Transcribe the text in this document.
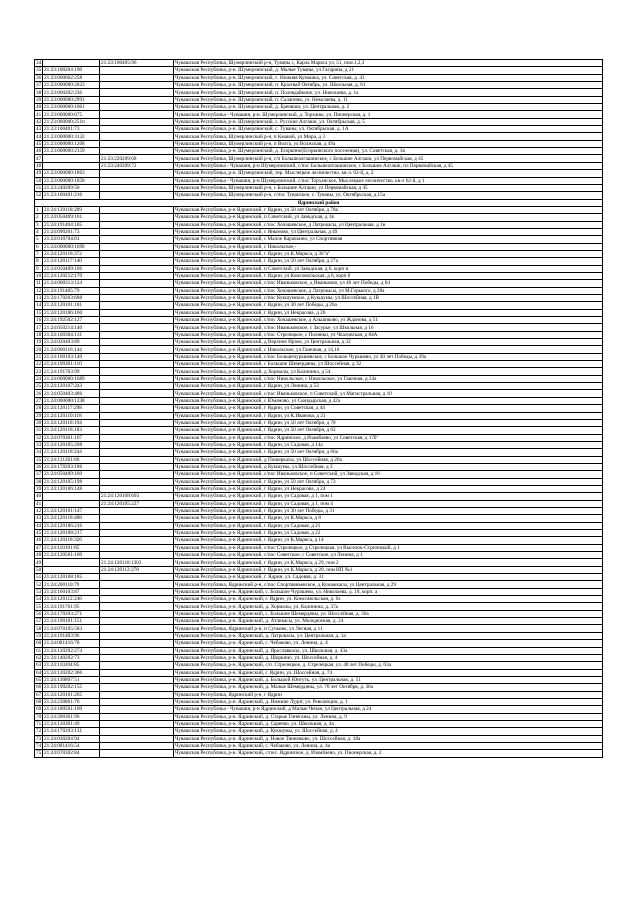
34		21:23:100405:96	Чувашская Республика, Шумерлинский р-н, Туваны с, Карла Маркса ул, 51, пом.1,2,3
35	21:23:100204:190		Чувашская Республика, р-н. Шумерлинский, д. Малые Туваны, ул Гагарина, д 21
36	21:23:060602:258		Чувашская Республика, р-н. Шумерлинский, с. Нижняя Кумашка, ул. Советская, д. 41
37	21:23:000000:2823		Чувашская Республика, р-н. Шумерлинский, п. Красный Октябрь, ул. Школьная, д. 61
38	21:23:060202:236		Чувашская Республика, р-н. Шумерлинский, п. Полевдайкино, ул. Николаева, д. 1а
39	21:23:000000:2991		Чувашская Республика, р-н. Шумерлинский, п. Саланчик, ул. Николаева, д. 11
40	21:23:000000:1061		Чувашская Республика, р-н. Шумерлинский, д. Бреняши, ул. Центральная, д. 2
41	21:23:000000:675		Чувашская Республика - Чувашия, р-н. Шумерлинский, д. Торханы, ул. Пионерская, д. 1
42	21:23:000000:251п		Чувашская Республика, р-н. Шумерлинский, с. Русские Алгаши, ул. Октябрьская, д. 5
43	21:23:100401:73		Чувашская Республика, р-н. Шумерлинский, с. Туваны, ул. Октябрьская, д. 1А
44	21:23:000000:3132		Чувашская Республика, Шумерлинский р-н, п Кманай, ул Мира, д 3
45	21:23:000000:1208		Чувашская Республика, Шумерлинский р-н, п Волга, ул Волжская, д 49а
46	21:23:000000:2159		Чувашская Республика, р-н. Шумерлинский, д. Егоркино(Егоркинского поселения), ул. Советская, д. 1в
47		21:23:220209:68	Чувашская Республика, Шумерлинский р-н, с/п Большеалгашинское, с Большие Алгаши, ул Первомайская, д 45
48		21:23:240209:72	Чувашская Республика - Чувашия, р-н Шумерлинский, с/пос Большеалгашинское, с Большие Алгаши, пл Первомайская, д 45
49	21:23:000000:1863		Чувашская Республика, р-н. Шумерлинский, тер. Мыслецкое лесничество, кв-л. 62-й, д. 2
50	21:23:000000:1858		Чувашская Республика - Чувашия, р-н Шумерлинский, с/пос Торханское, Мыслецкое лесничество, кв-л 62-й, д 1
51	21:23:240209:50		Чувашская Республика, Шумерлинский р-н, с Большие Алгаши, ул Первомайская, д 45
52	21:23:100401:216		Чувашская Республика, Шумерлинский р-н, с/пос Туванское, с. Туваны, ул. Октябрьская, д.15а
Ядринский район			
1	21:24:120118:209		Чувашская Республика, р-н Ядринский, г Ядрин, ул 50 лет Октября, д 78а
2	21:24:050409:161		Чувашская Республика, р-н Ядринский, п Советский, ул Заводская, д 1в
3	21:24:191404:185		Чувашская Республика, р-н Ядринский, с/пос Хочашевское, д Латрокасы, ул Центральная, д 1в
4	21:24:090201:73		Чувашская Республика, р-н Ядринский, с Янымово, ул Центральная, д 49
5	21:24:010704:81		Чувашская Республика, р-н Ядринский, с Малое Карачкино, ул Спортивная
6	21:24:000000:1690		Чувашская Республика, р-н Ядринский, с Никольское,-
7	21:24:120118:372		Чувашская Республика, р-н Ядринский, г Ядрин, ул К.Маркса, д 36"а"
8	21:24:120117:140		Чувашская Республика, р-н Ядринский, г Ядрин, ул 50 лет Октября, д 27а
9	21:24:050409:166		Чувашская Республика, р-н Ядринский, п Советский, ул Заводская, д 6, корп и
10	21:24:120212:170		Чувашская Республика, р-н Ядринский, г Ядрин, ул Комсомольская, д 6, корп б
11	21:24:060313:124		Чувашская Республика, р-н Ядринский, с/пос Иваньковское, д Иваньково, ул 40 лет Победы, д 64
12	21:24:191405:79		Чувашская Республика, р-н Ядринский, с/пос Хочашевское, д Латрокасы, ул М.Горького, д 20а
13	21:24:170203:688		Чувашская Республика, р-н Ядринский, с/пос Кукшумское, д Кукшумы, ул Шоссейная, д 1В
14	21:24:120101:181		Чувашская Республика, р-н Ядринский, г Ядрин, ул 30 лет Победы, д 26а
15	21:24:120106:160		Чувашская Республика, р-н Ядринский, г Ядрин, ул Некрасова, д 26
16	21:24:192502:127		Чувашская Республика, р-н Ядринский, с/пос Хочашевское, д Альшиково, ул Жданова, д 51
17	21:24:050214:140		Чувашская Республика, р-н Ядринский, с/пос Иваньковское, с Засурье, ул Школьная, д 16
18	21:24:100304:131		Чувашская Республика, р-н Ядринский, с/пос Стрелецкое, с Полянки, ул Чкаловская, д 84А
19	21:24:020403:89		Чувашская Республика, р-н Ядринский, д Верхние Ирзеи, ул Центральная, д 32
20	21:24:060116:144		Чувашская Республика, р-н Ядринский, с Никольское, ул Гаючная, д 14,16
21	21:24:160103:140		Чувашская Республика, р-н Ядринский, с/пос Большечурашевское, с Большое Чурашево, ул 40 лет Победы, д 39а
22	21:24:190301:110		Чувашская Республика, р-н Ядринский, с Большие Шемердяны, ул Шоссейная, д 32
23	21:24:191703:99		Чувашская Республика, р-н Ядринский, д Хормалы, ул Калинина, д 54
24	21:24:000000:1689		Чувашская Республика, р-н Ядринский, с/пос Никольское, с Никольское, ул Гаючная, д 24а
25	21:24:120107:243		Чувашская Республика, р-н Ядринский, г Ядрин, ул Ленина, д 53
26	21:24:050403:486		Чувашская Республика, р-н Ядринский, с/пос Иваньковское, п Советский, ул Магистральная, д 10
27	21:24:000000:1238		Чувашская Республика, р-н Ядринский, с Юманово, ул Сюндырская, д 42а
28	21:24:120117:298		Чувашская Республика, р-н Ядринский, г Ядрин, ул Советская, д 44
29	21:24:120110:118		Чувашская Республика, р-н Ядринский, г Ядрин, ул К.Иванова, д 21
30	21:24:120118:194		Чувашская Республика, р-н Ядринский, г Ядрин, ул 50 лет Октября, д 78
31	21:24:120118:183		Чувашская Республика, р-н Ядринский, г Ядрин, ул 50 лет Октября, д 62
32	21:24:070301:107		Чувашская Республика, р-н Ядринский, с/пос Ядринское, д Изамбаево, ул Советская, д 17б"
33	21:24:120105:208		Чувашская Республика, р-н Ядринский, г Ядрин, ул Садовая, д 14а
34	21:24:120118:244		Чувашская Республика, р-н Ядринский, г Ядрин, ул 50 лет Октября, д 66а
35	21:24:131201:66		Чувашская Республика, р-н Ядринский, д Пошеркасы, ул Шоссейная, д 26а
36	21:24:170203:186		Чувашская Республика, р-н Ядринский, д Кукшумы, ул Шоссейная, д 2
37	21:24:050409:160		Чувашская Республика, р-н Ядринский, с/пос Иваньковское, п Советский, ул Заводская, д 16
38	21:24:120105:198		Чувашская Республика, р-н Ядринский, г Ядрин, ул 50 лет Октября, д 73
39	21:24:120106:148		Чувашская Республика, р-н Ядринский, г Ядрин, ул Некрасова, д 24
40		21:24:120108:603	Чувашская Республика, р-н Ядринский, г Ядрин, ул Садовая, д 1, пом 1
41		21:24:120105:227	Чувашская Республика, р-н Ядринский, г Ядрин, ул Садовая, д 1, пом 4
42	21:24:120101:147		Чувашская Республика, р-н Ядринский, г Ядрин, ул 30 лет Победы, д 31
43	21:24:120118:408		Чувашская Республика, р-н Ядринский, г Ядрин, ул К.Маркса, д 8
44	21:24:120106:216		Чувашская Республика, р-н Ядринский, г Ядрин, ул Садовая, д 21
45	21:24:120108:217		Чувашская Республика, р-н Ядринский, г Ядрин, ул Садовая, д 22
46	21:24:120118:326		Чувашская Республика, р-н Ядринский, г Ядрин, ул К.Маркса, д 14
47	21:24:110101:85		Чувашская Республика, р-н Ядринский, с/пос Стрелецкое, д Стрелецкая, ул Выселок-Стрелецкий, д 1
48	21:24:120501:100		Чувашская Республика, р-н Ядринский, с/пос Советское, с Советское, ул Ленина, д 1
49		21:24:120118:1303	Чувашская Республика, р-н Ядринский, г Ядрин, ул К.Маркса, д 29, пом 2
50		21:24:120112:278	Чувашская Республика, р-н Ядринский, г Ядрин, ул К.Маркса, д 20, пом НП №1
51	21:24:120108:185		Чувашская Республика, р-н Ядринский, г. Ядрин, ул. Садовая, д. 31
52	21:24:200110:79		Чувашская Республика, Ядринский р-н, с/пос Спортивньевское, д Кумажкасы, ул Центральная, д 29
53	21:24:160103:87		Чувашская Республика, р-н. Ядринский, с. Большое Чурашево, ул. Николаева, д. 18, корп. а
54	21:24:120112:246		Чувашская Республика, р-н. Ядринский, г. Ядрин, ул. Комсомольская, д. 6з
55	21:24:191701:95		Чувашская Республика, р-н. Ядринский, д. Хормалы, ул. Калинина, д. 37а
56	21:24:170203:271		Чувашская Республика, р-н. Ядринский, с. Большие Шемердяны, ул. Шоссейная, д. 30а
57	21:24:190101:151		Чувашская Республика, р-н. Ядринский, д. Атликасы, ул. Молодежная, д. 24
58	21:24:070105:583		Чувашская Республика, Ядринский р-н, п Сучково, ул Лесная, д 11
59	21:24:191403:96		Чувашская Республика, р-н. Ядринский, д. Латрокасы, ул. Центральная, д. 1а
60	21:24:081416:78		Чувашская Республика, р-н. Ядринский, с. Чебаково, ул. Ленина, д. 4
61	21:24:120202:274		Чувашская Республика, р-н. Ядринский, д. Ярославкасы, ул. Школьная, д. 43а
62	21:24:140202:73		Чувашская Республика, р-н. Ядринский, д. Шоркино, ул. Шоссейная, д. 4
63	21:24:110204:85		Чувашская Республика, р-н. Ядринский, с/п. Стрелецкое, д. Стрелецкая, ул. 40 лет Победы, д. 63а
64	21:24:120202:366		Чувашская Республика, р-н. Ядринский, г. Ядрин, ул. Шоссейная, д. 74
65	21:24:130807:51		Чувашская Республика, р-н. Ядринский, д. Большой Юнгуть, ул. Центральная, д. 51
66	21:24:190202:155		Чувашская Республика, р-н. Ядринский, д. Малые Шемердяны, ул. 70 лет Октября, д. 36а
67	21:24:120101:265		Чувашская Республика, Ядринский р-н, г Ядрин
68	21:24:230801:70		Чувашская Республика, р-н. Ядринский, д. Нижние Лудиг, ул. Революции, д. 1
69	21:24:180501:100		Чувашская Республика - Чувашия, р-н Ядринский, д Малые Чепаи, ул Центральная, д 24
70	21:24:200301:96		Чувашская Республика, р-н. Ядринский, д. Старые Тинеганы, ул. Ленина, д. 9
71	21:24:130301:49		Чувашская Республика, р-н. Ядринский, д. Сареево, ул. Школьная, д. 4а
72	21:24:170203:131		Чувашская Республика, р-н. Ядринский, д. Кукшумы, ул. Шоссейная, д. 4
73	21:24:030204:94		Чувашская Республика, р-н. Ядринский, д. Новое Тянимково, ул. Шоссейная, д. 18а
74	21:24:081416:54		Чувашская Республика, р-н. Ядринский, с. Чебаково, ул. Ленина, д. 4а
75	21:24:070302:84		Чувашская Республика, р-н. Ядринский, с/пос. Ядринское, д. Изамбаево, ул. Пионерская, д. 2
